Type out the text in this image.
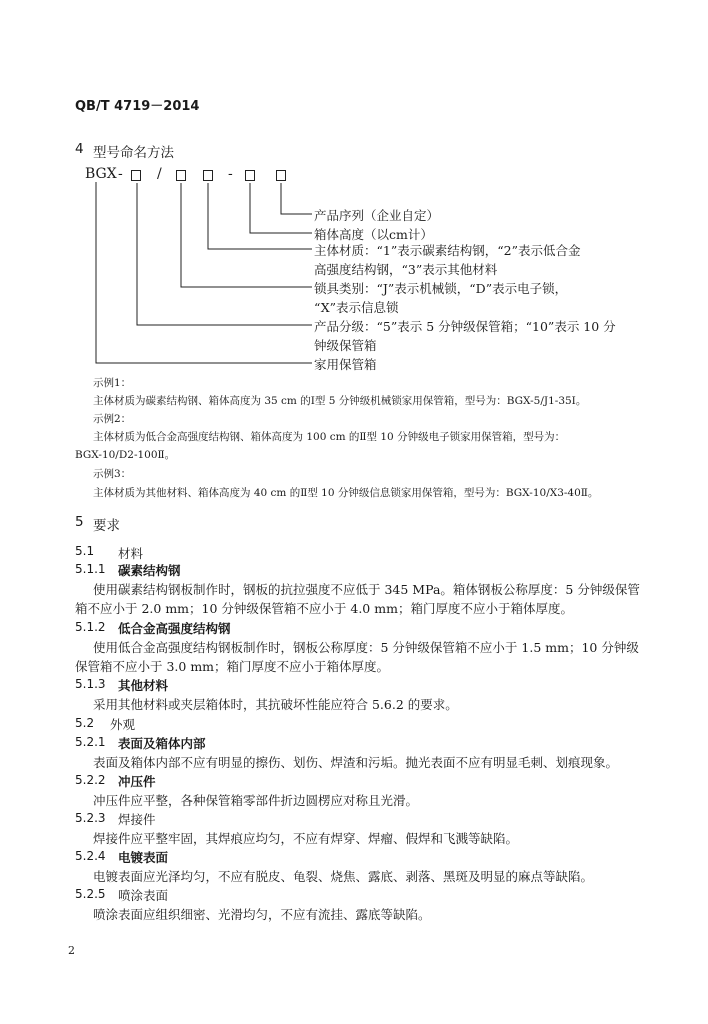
QB/T 4719－2014
4 型号命名方法
BGX - /	-
产品序列（企业自定）
箱体高度（以cm计）
主体材质：“1”表示碳素结构钢，“2”表示低合金
高强度结构钢，“3”表示其他材料
锁具类别：“J”表示机械锁，“D”表示电子锁，
“X”表示信息锁
产品分级：“5”表示 5 分钟级保管箱；“10”表示 10 分
钟级保管箱
家用保管箱
示例1：
主体材质为碳素结构钢、箱体高度为 35 cm 的Ⅰ型 5 分钟级机械锁家用保管箱，型号为：BGX-5/J1-35Ⅰ。
示例2：
主体材质为低合金高强度结构钢、箱体高度为 100 cm 的Ⅱ型 10 分钟级电子锁家用保管箱，型号为：
BGX-10/D2-100Ⅱ。
示例3：
主体材质为其他材料、箱体高度为 40 cm 的Ⅱ型 10 分钟级信息锁家用保管箱，型号为：BGX-10/X3-40Ⅱ。
5 要求
5.1 材料
5.1.1 碳素结构钢
使用碳素结构钢板制作时，钢板的抗拉强度不应低于 345 MPa。箱体钢板公称厚度：5 分钟级保管
箱不应小于 2.0 mm；10 分钟级保管箱不应小于 4.0 mm；箱门厚度不应小于箱体厚度。
5.1.2 低合金高强度结构钢
使用低合金高强度结构钢板制作时，钢板公称厚度：5 分钟级保管箱不应小于 1.5 mm；10 分钟级
保管箱不应小于 3.0 mm；箱门厚度不应小于箱体厚度。
5.1.3 其他材料
采用其他材料或夹层箱体时，其抗破坏性能应符合 5.6.2 的要求。
5.2 外观
5.2.1 表面及箱体内部
表面及箱体内部不应有明显的擦伤、划伤、焊渣和污垢。抛光表面不应有明显毛刺、划痕现象。
5.2.2 冲压件
冲压件应平整，各种保管箱零部件折边圆楞应对称且光滑。
5.2.3 焊接件
焊接件应平整牢固，其焊痕应均匀，不应有焊穿、焊瘤、假焊和飞溅等缺陷。
5.2.4 电镀表面
电镀表面应光泽均匀，不应有脱皮、龟裂、烧焦、露底、剥落、黑斑及明显的麻点等缺陷。
5.2.5 喷涂表面
喷涂表面应组织细密、光滑均匀，不应有流挂、露底等缺陷。
2
